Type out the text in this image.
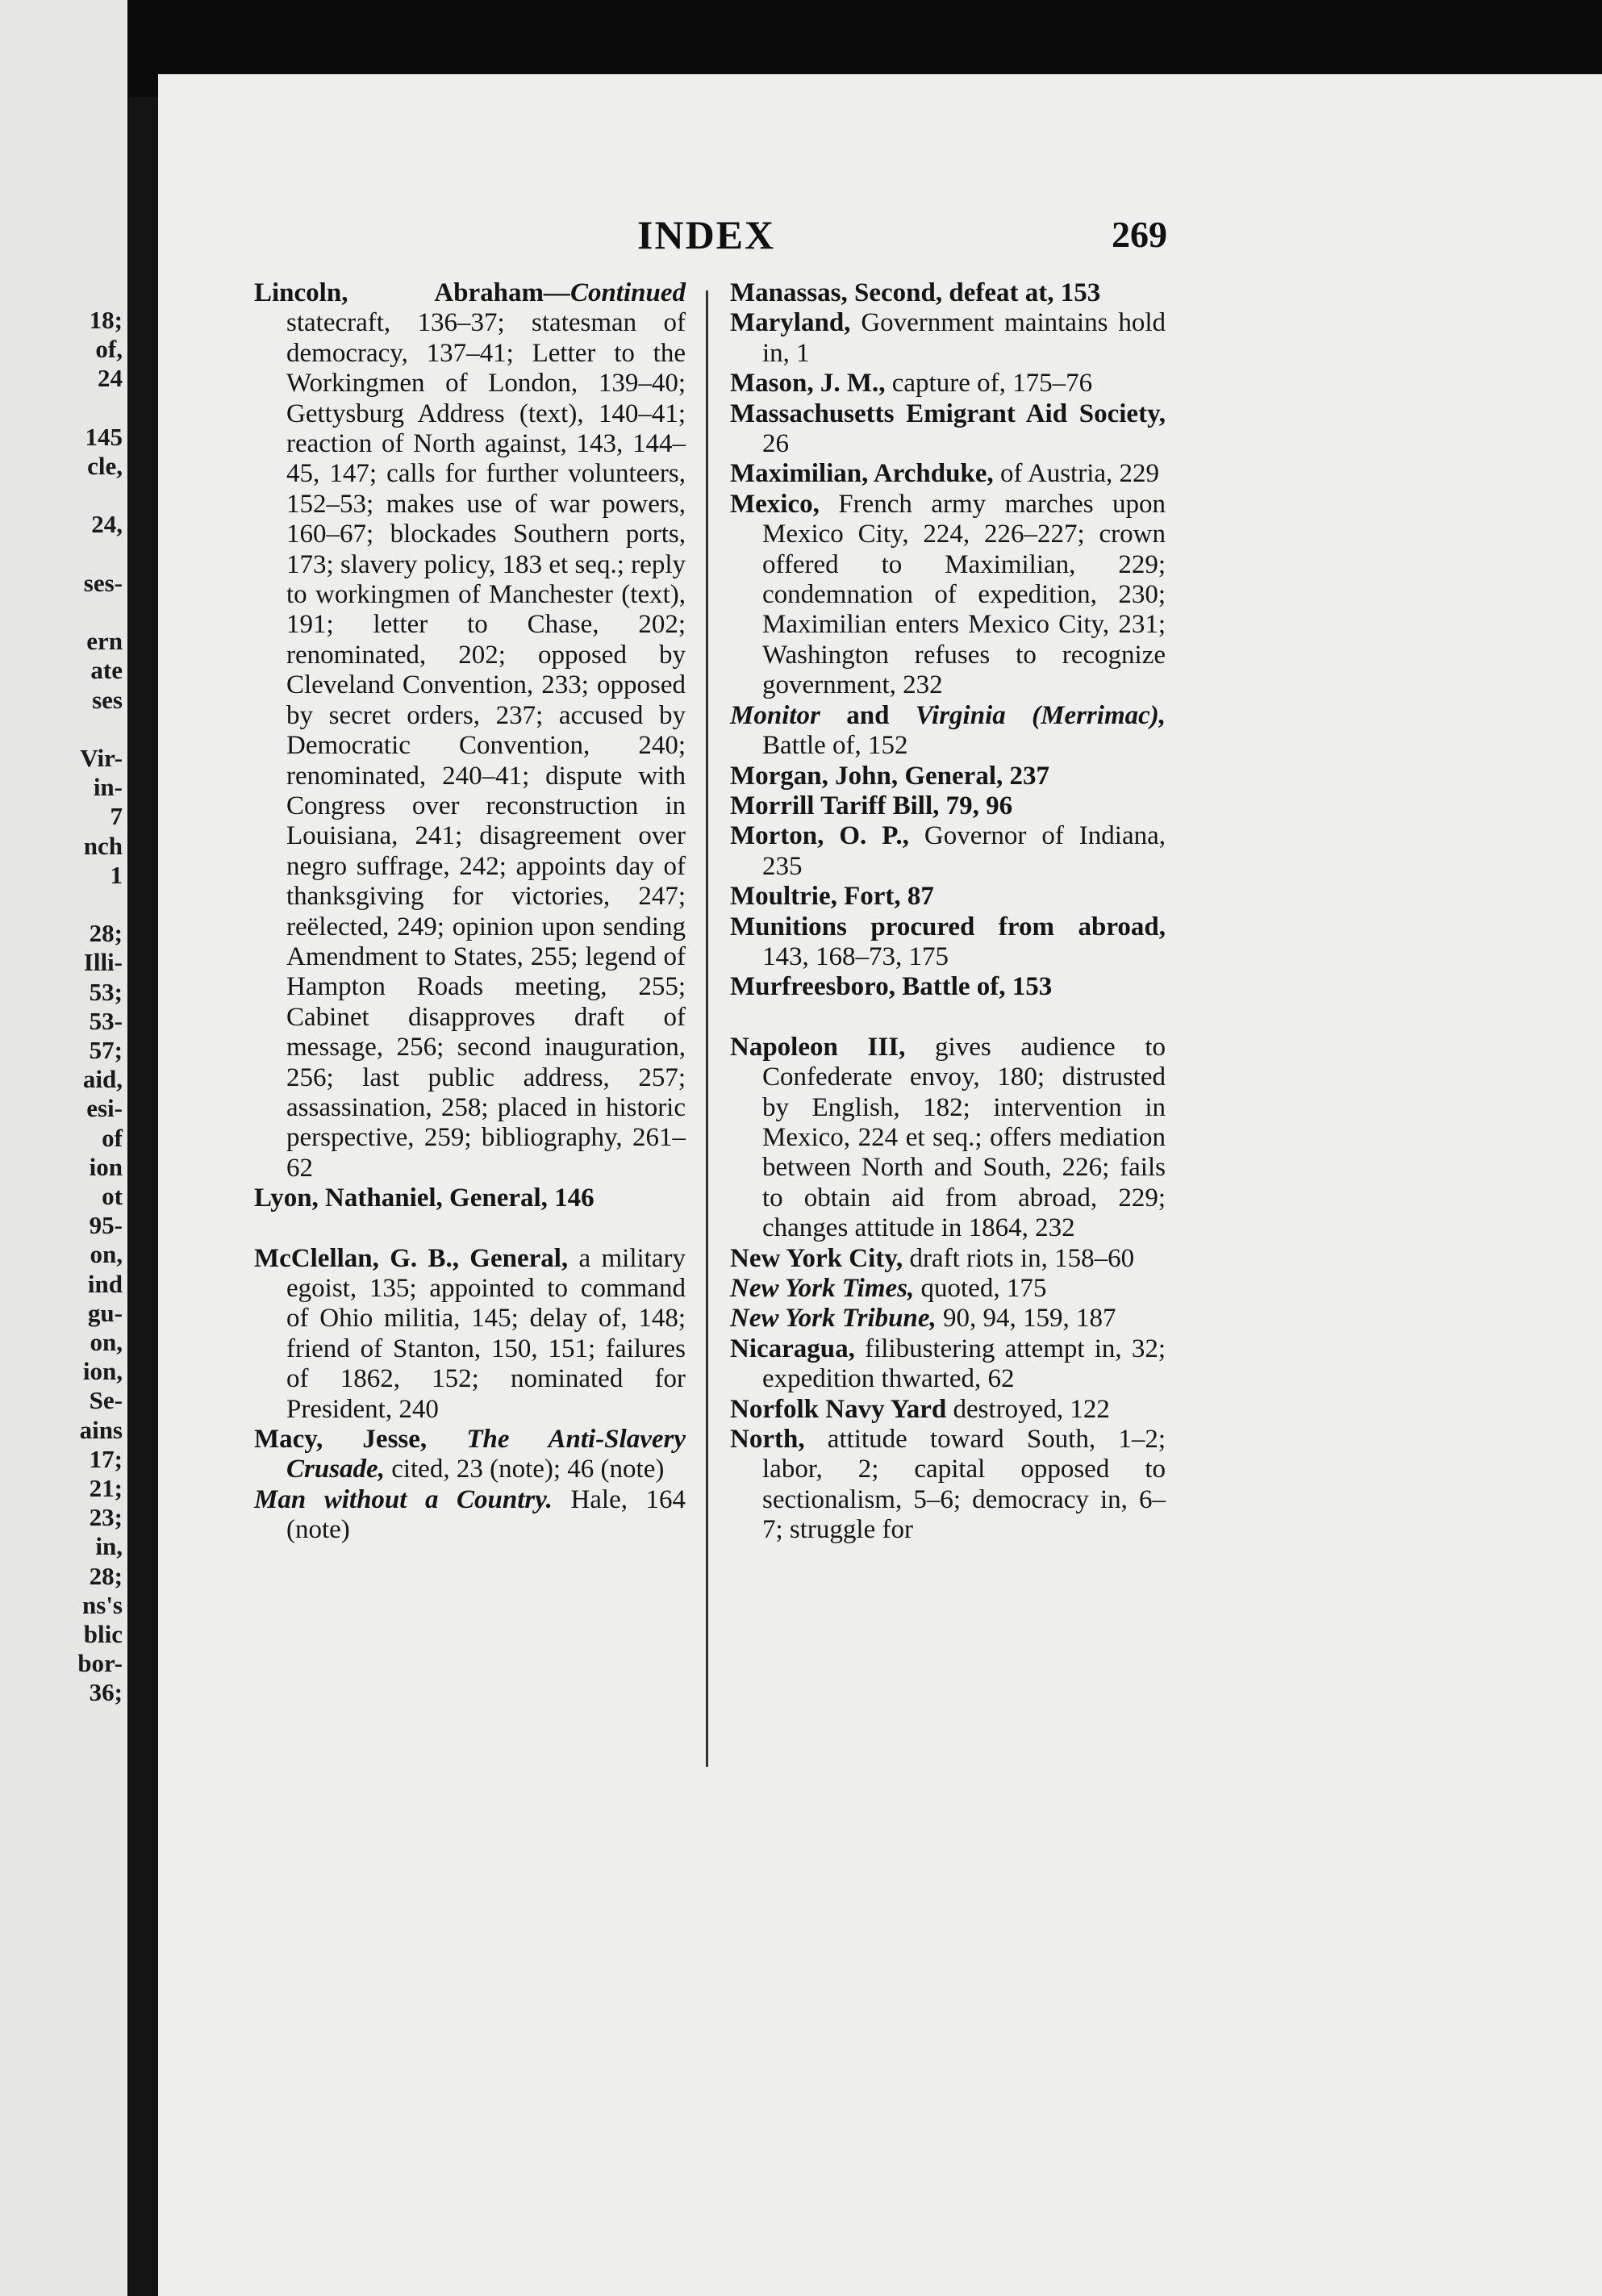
18;
of,
24
145
cle,
24,
ses-
ern
ate
ses
Vir-
in-
7
nch
1
28;
Illi-
53;
53-
57;
aid,
esi-
of
ion
ot
95-
on,
ind
gu-
on,
ion,
Se-
ains
17;
21;
23;
in,
28;
ns's
blic
bor-
36;
INDEX	269

Lincoln, Abraham—Continued statecraft, 136–37; statesman of democracy, 137–41; Letter to the Workingmen of London, 139–40; Gettysburg Address (text), 140–41; reaction of North against, 143, 144–45, 147; calls for further volunteers, 152–53; makes use of war powers, 160–67; blockades Southern ports, 173; slavery policy, 183 et seq.; reply to workingmen of Manchester (text), 191; letter to Chase, 202; renominated, 202; opposed by Cleveland Convention, 233; opposed by secret orders, 237; accused by Democratic Convention, 240; renominated, 240–41; dispute with Congress over reconstruction in Louisiana, 241; disagreement over negro suffrage, 242; appoints day of thanksgiving for victories, 247; reëlected, 249; opinion upon sending Amendment to States, 255; legend of Hampton Roads meeting, 255; Cabinet disapproves draft of message, 256; second inauguration, 256; last public address, 257; assassination, 258; placed in historic perspective, 259; bibliography, 261–62

Lyon, Nathaniel, General, 146

McClellan, G. B., General, a military egoist, 135; appointed to command of Ohio militia, 145; delay of, 148; friend of Stanton, 150, 151; failures of 1862, 152; nominated for President, 240

Macy, Jesse, The Anti-Slavery Crusade, cited, 23 (note); 46 (note)

Man without a Country. Hale, 164 (note)

Manassas, Second, defeat at, 153

Maryland, Government maintains hold in, 1

Mason, J. M., capture of, 175–76

Massachusetts Emigrant Aid Society, 26

Maximilian, Archduke, of Austria, 229

Mexico, French army marches upon Mexico City, 224, 226–227; crown offered to Maximilian, 229; condemnation of expedition, 230; Maximilian enters Mexico City, 231; Washington refuses to recognize government, 232

Monitor and Virginia (Merrimac), Battle of, 152

Morgan, John, General, 237

Morrill Tariff Bill, 79, 96

Morton, O. P., Governor of Indiana, 235

Moultrie, Fort, 87

Munitions procured from abroad, 143, 168–73, 175

Murfreesboro, Battle of, 153

Napoleon III, gives audience to Confederate envoy, 180; distrusted by English, 182; intervention in Mexico, 224 et seq.; offers mediation between North and South, 226; fails to obtain aid from abroad, 229; changes attitude in 1864, 232

New York City, draft riots in, 158–60

New York Times, quoted, 175

New York Tribune, 90, 94, 159, 187

Nicaragua, filibustering attempt in, 32; expedition thwarted, 62

Norfolk Navy Yard destroyed, 122

North, attitude toward South, 1–2; labor, 2; capital opposed to sectionalism, 5–6; democracy in, 6–7; struggle for
